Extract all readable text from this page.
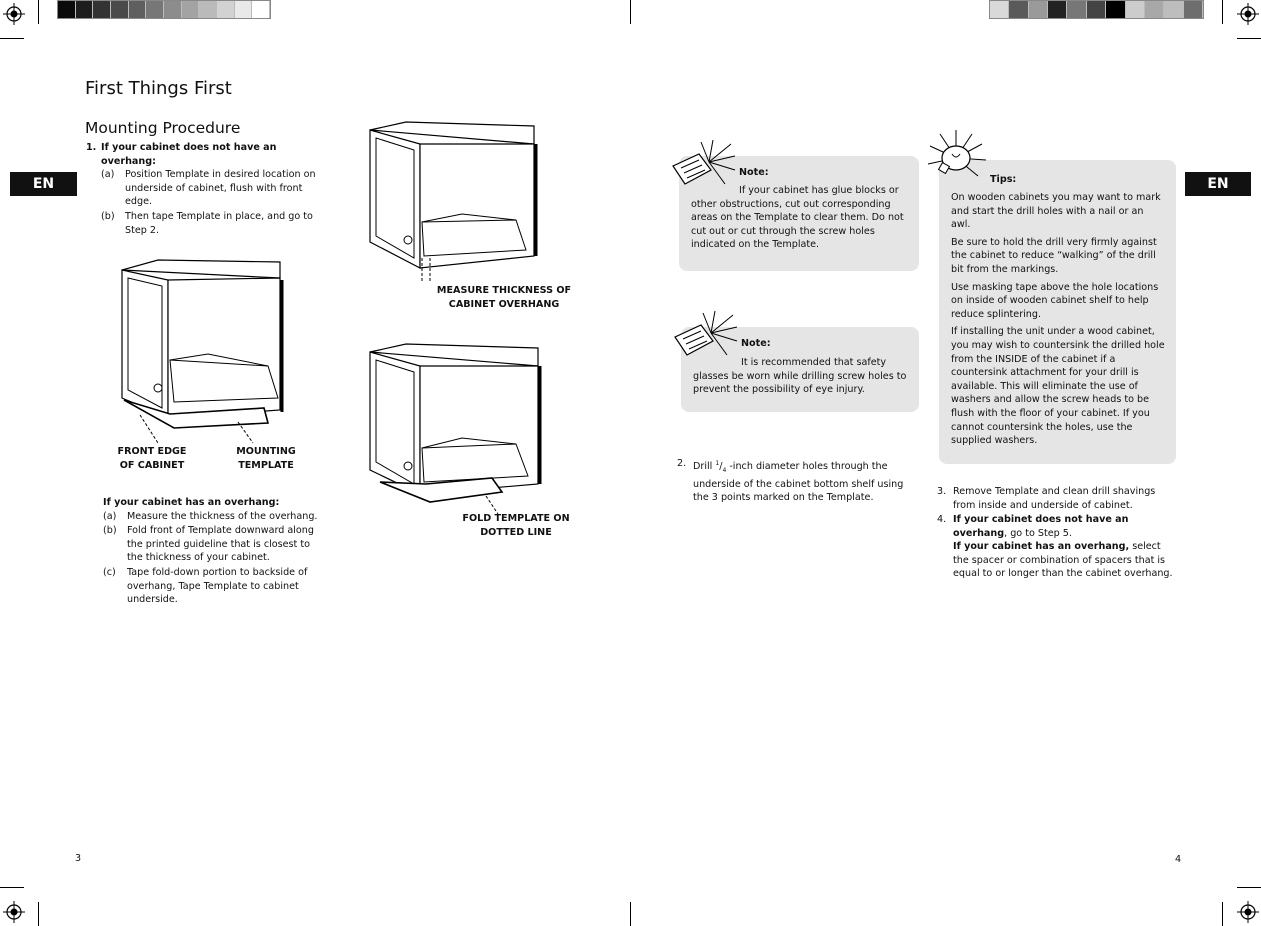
EN	EN
First Things First
Mounting Procedure
1. If your cabinet does not have an
overhang:
(a) Position Template in desired location on
underside of cabinet, flush with front
edge.
(b) Then tape Template in place, and go to
Step 2.
FRONT EDGE
OF CABINET
MOUNTING
TEMPLATE
If your cabinet has an overhang:
(a) Measure the thickness of the overhang.
(b) Fold front of Template downward along
the printed guideline that is closest to
the thickness of your cabinet.
(c) Tape fold-down portion to backside of
overhang, Tape Template to cabinet
underside.
MEASURE THICKNESS OF
CABINET OVERHANG
FOLD TEMPLATE ON
DOTTED LINE
3
Note:
If your cabinet has glue blocks or
other obstructions, cut out corresponding
areas on the Template to clear them. Do not
cut out or cut through the screw holes
indicated on the Template.
Note:
It is recommended that safety
glasses be worn while drilling screw holes to
prevent the possibility of eye injury.
2. Drill $^1/_4$ -inch diameter holes through the
underside of the cabinet bottom shelf using
the 3 points marked on the Template.
Tips:
On wooden cabinets you may want to mark
and start the drill holes with a nail or an
awl.
Be sure to hold the drill very firmly against
the cabinet to reduce “walking” of the drill
bit from the markings.
Use masking tape above the hole locations
on inside of wooden cabinet shelf to help
reduce splintering.
If installing the unit under a wood cabinet,
you may wish to countersink the drilled hole
from the INSIDE of the cabinet if a
countersink attachment for your drill is
available. This will eliminate the use of
washers and allow the screw heads to be
flush with the floor of your cabinet. If you
cannot countersink the holes, use the
supplied washers.
3. Remove Template and clean drill shavings
from inside and underside of cabinet.
4. If your cabinet does not have an
overhang, go to Step 5.
If your cabinet has an overhang, select
the spacer or combination of spacers that is
equal to or longer than the cabinet overhang.
4
